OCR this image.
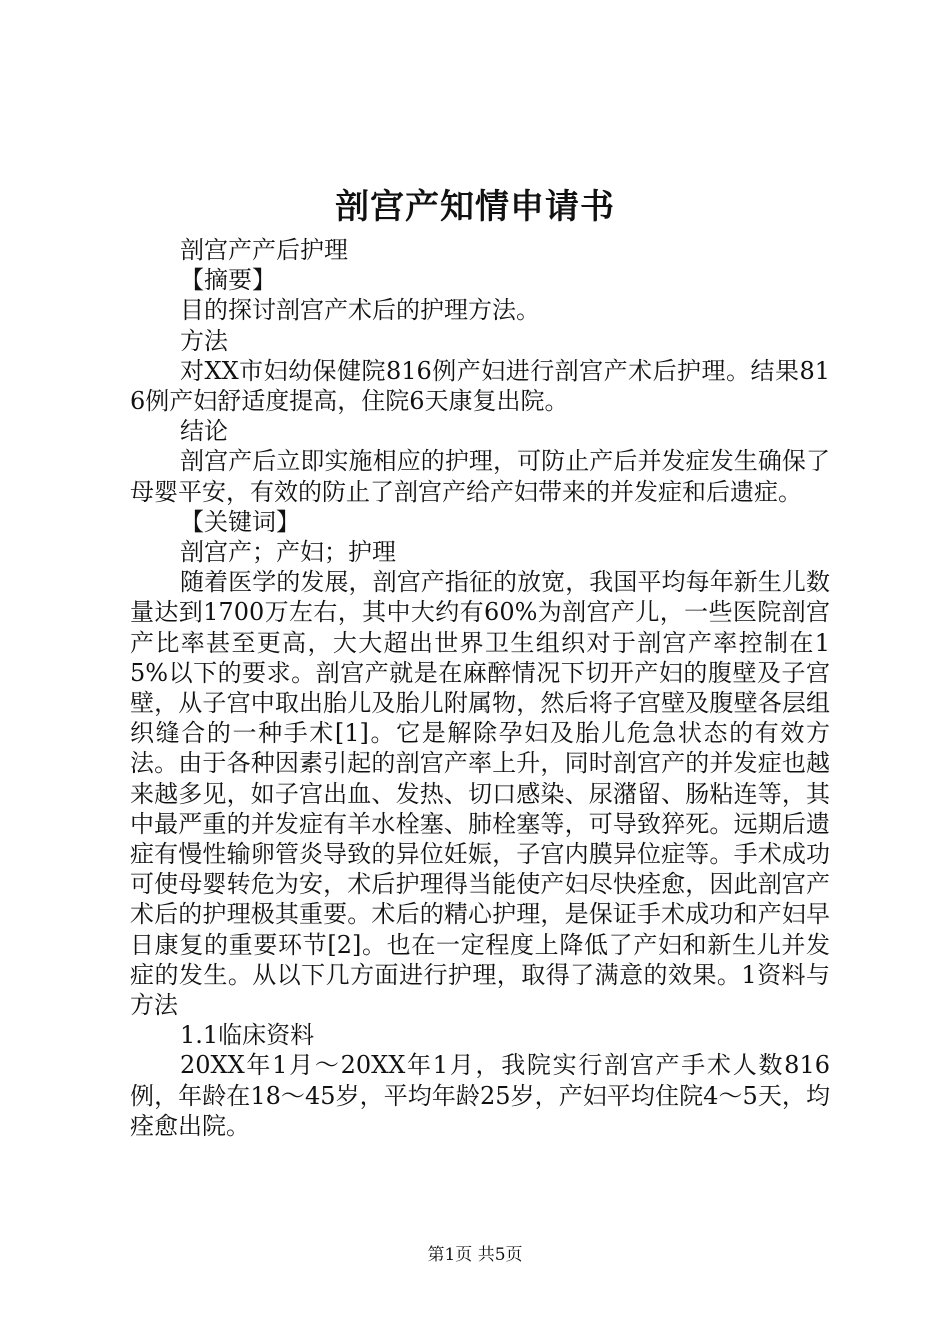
剖宫产知情申请书

剖宫产产后护理

【摘要】

目的探讨剖宫产术后的护理方法。

方法

对XX市妇幼保健院816例产妇进行剖宫产术后护理。结果816例产妇舒适度提高，住院6天康复出院。

结论

剖宫产后立即实施相应的护理，可防止产后并发症发生确保了母婴平安，有效的防止了剖宫产给产妇带来的并发症和后遗症。

【关键词】

剖宫产；产妇；护理

随着医学的发展，剖宫产指征的放宽，我国平均每年新生儿数量达到1700万左右，其中大约有60%为剖宫产儿，一些医院剖宫产比率甚至更高，大大超出世界卫生组织对于剖宫产率控制在15%以下的要求。剖宫产就是在麻醉情况下切开产妇的腹壁及子宫壁，从子宫中取出胎儿及胎儿附属物，然后将子宫壁及腹壁各层组织缝合的一种手术[1]。它是解除孕妇及胎儿危急状态的有效方法。由于各种因素引起的剖宫产率上升，同时剖宫产的并发症也越来越多见，如子宫出血、发热、切口感染、尿潴留、肠粘连等，其中最严重的并发症有羊水栓塞、肺栓塞等，可导致猝死。远期后遗症有慢性输卵管炎导致的异位妊娠，子宫内膜异位症等。手术成功可使母婴转危为安，术后护理得当能使产妇尽快痊愈，因此剖宫产术后的护理极其重要。术后的精心护理，是保证手术成功和产妇早日康复的重要环节[2]。也在一定程度上降低了产妇和新生儿并发症的发生。从以下几方面进行护理，取得了满意的效果。1资料与方法

1.1临床资料

20XX年1月～20XX年1月，我院实行剖宫产手术人数816例，年龄在18～45岁，平均年龄25岁，产妇平均住院4～5天，均痊愈出院。

第1页 共5页
